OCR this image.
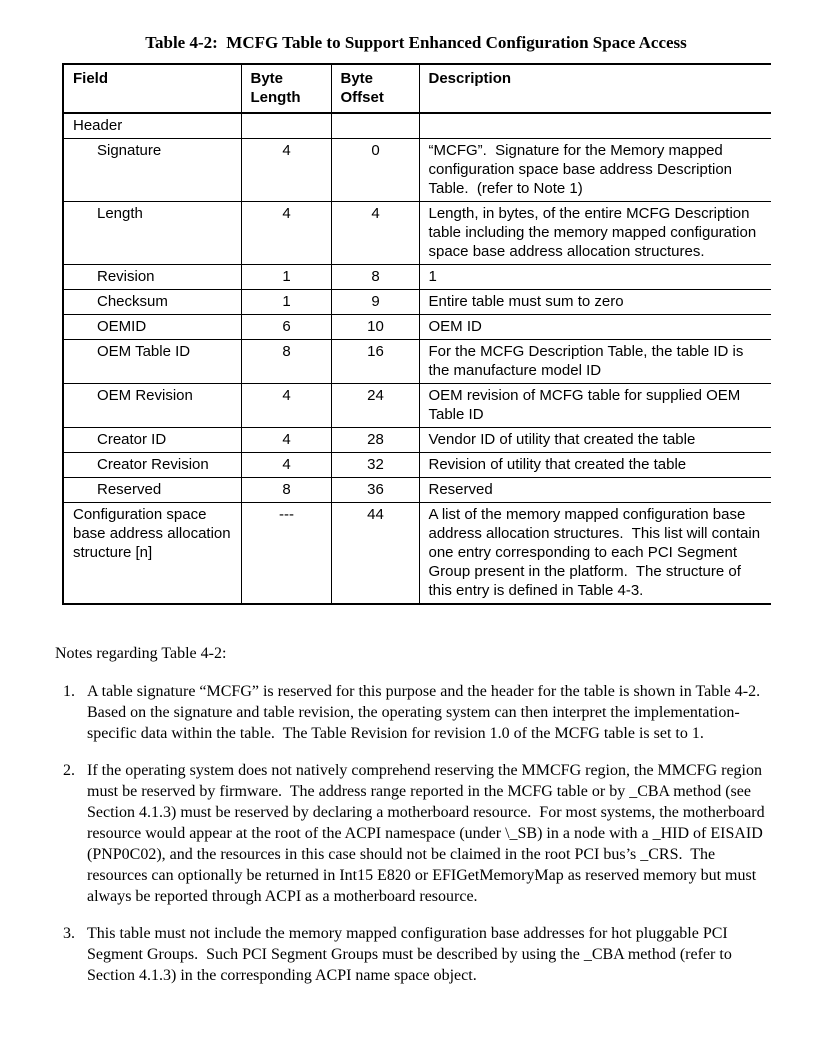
Table 4-2:  MCFG Table to Support Enhanced Configuration Space Access
Field	Byte Length	Byte Offset	Description
Header			
Signature	4	0	“MCFG”.  Signature for the Memory mapped configuration space base address Description Table.  (refer to Note 1)
Length	4	4	Length, in bytes, of the entire MCFG Description table including the memory mapped configuration space base address allocation structures.
Revision	1	8	1
Checksum	1	9	Entire table must sum to zero
OEMID	6	10	OEM ID
OEM Table ID	8	16	For the MCFG Description Table, the table ID is the manufacture model ID
OEM Revision	4	24	OEM revision of MCFG table for supplied OEM Table ID
Creator ID	4	28	Vendor ID of utility that created the table
Creator Revision	4	32	Revision of utility that created the table
Reserved	8	36	Reserved
Configuration space base address allocation structure [n]	---	44	A list of the memory mapped configuration base address allocation structures.  This list will contain one entry corresponding to each PCI Segment Group present in the platform.  The structure of this entry is defined in Table 4-3.
Notes regarding Table 4-2:
1. A table signature “MCFG” is reserved for this purpose and the header for the table is shown in Table 4-2.  Based on the signature and table revision, the operating system can then interpret the implementation-specific data within the table.  The Table Revision for revision 1.0 of the MCFG table is set to 1.
2. If the operating system does not natively comprehend reserving the MMCFG region, the MMCFG region must be reserved by firmware.  The address range reported in the MCFG table or by _CBA method (see Section 4.1.3) must be reserved by declaring a motherboard resource.  For most systems, the motherboard resource would appear at the root of the ACPI namespace (under \_SB) in a node with a _HID of EISAID (PNP0C02), and the resources in this case should not be claimed in the root PCI bus’s _CRS.  The resources can optionally be returned in Int15 E820 or EFIGetMemoryMap as reserved memory but must always be reported through ACPI as a motherboard resource.
3. This table must not include the memory mapped configuration base addresses for hot pluggable PCI Segment Groups.  Such PCI Segment Groups must be described by using the _CBA method (refer to Section 4.1.3) in the corresponding ACPI name space object.
